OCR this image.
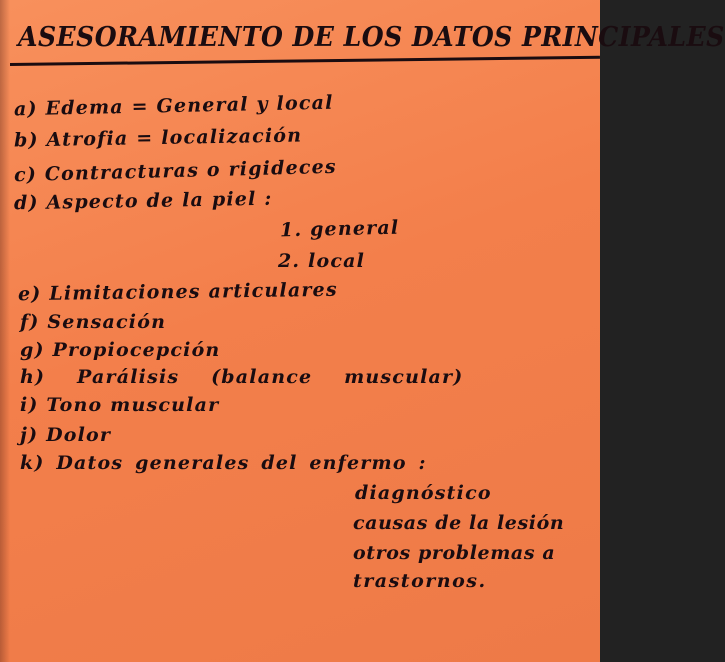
ASESORAMIENTO DE LOS DATOS PRINCIPALES
a) Edema = General y local
b) Atrofia = localización
c) Contracturas o rigideces
d) Aspecto de la piel :
1. general
2. local
e) Limitaciones articulares
f) Sensación
g) Propiocepción
h) Parálisis (balance muscular)
i) Tono muscular
j) Dolor
k) Datos generales del enfermo :
diagnóstico
causas de la lesión
otros problemas a
trastornos.
